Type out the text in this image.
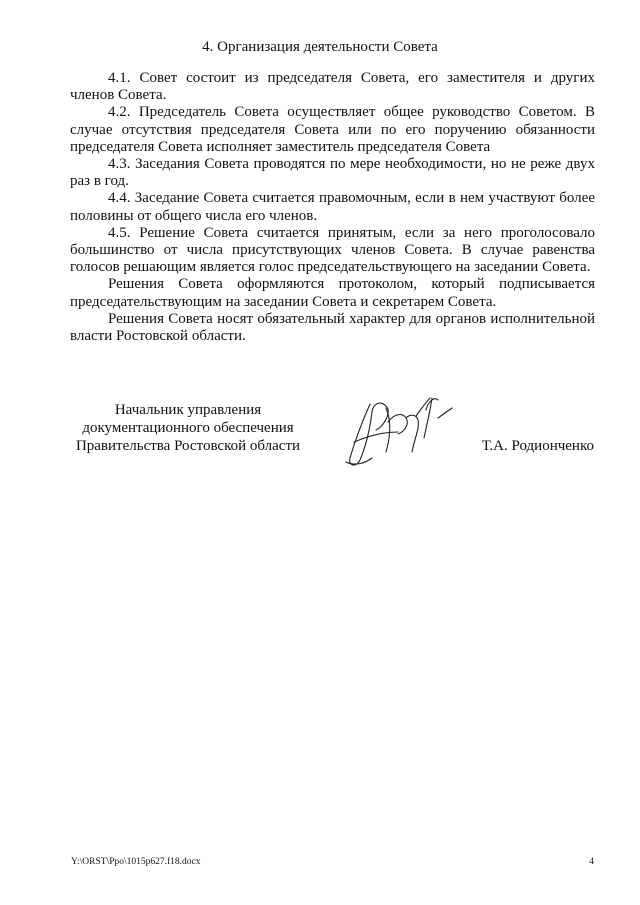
4. Организация деятельности Совета

4.1. Совет состоит из председателя Совета, его заместителя и других членов Совета.

4.2. Председатель Совета осуществляет общее руководство Советом. В случае отсутствия председателя Совета или по его поручению обязанности председателя Совета исполняет заместитель председателя Совета

4.3. Заседания Совета проводятся по мере необходимости, но не реже двух раз в год.

4.4. Заседание Совета считается правомочным, если в нем участвуют более половины от общего числа его членов.

4.5. Решение Совета считается принятым, если за него проголосовало большинство от числа присутствующих членов Совета. В случае равенства голосов решающим является голос председательствующего на заседании Совета.

Решения Совета оформляются протоколом, который подписывается председательствующим на заседании Совета и секретарем Совета.

Решения Совета носят обязательный характер для органов исполнительной власти Ростовской области.

Начальник управления
документационного обеспечения
Правительства Ростовской области	Т.А. Родионченко
Y:\ORST\Ppo\1015p627.f18.docx	4
